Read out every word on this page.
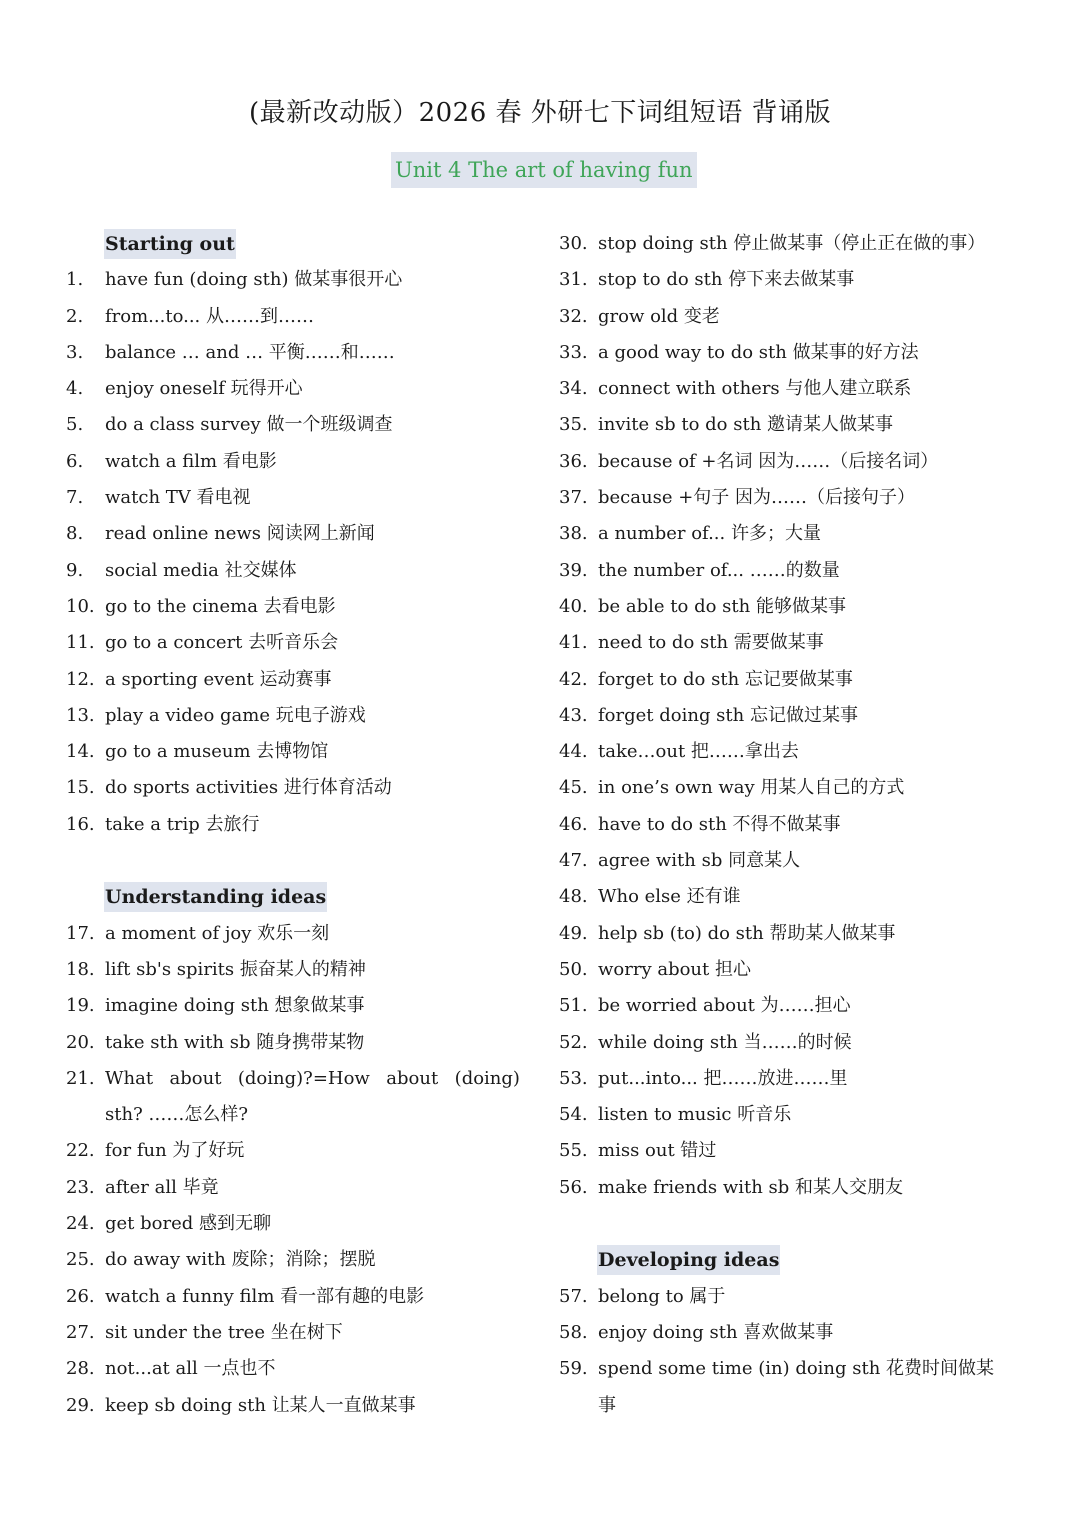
(最新改动版）2026 春 外研七下词组短语 背诵版
Unit 4 The art of having fun
Starting out
1. have fun (doing sth) 做某事很开心
2. from...to... 从……到……
3. balance … and … 平衡……和……
4. enjoy oneself 玩得开心
5. do a class survey 做一个班级调查
6. watch a film 看电影
7. watch TV 看电视
8. read online news 阅读网上新闻
9. social media 社交媒体
10. go to the cinema 去看电影
11. go to a concert 去听音乐会
12. a sporting event 运动赛事
13. play a video game 玩电子游戏
14. go to a museum 去博物馆
15. do sports activities 进行体育活动
16. take a trip 去旅行
Understanding ideas
17. a moment of joy 欢乐一刻
18. lift sb's spirits 振奋某人的精神
19. imagine doing sth 想象做某事
20. take sth with sb 随身携带某物
21. What about (doing)?=How about (doing)
sth? ……怎么样?
22. for fun 为了好玩
23. after all 毕竟
24. get bored 感到无聊
25. do away with 废除；消除；摆脱
26. watch a funny film 看一部有趣的电影
27. sit under the tree 坐在树下
28. not...at all 一点也不
29. keep sb doing sth 让某人一直做某事
30. stop doing sth 停止做某事（停止正在做的事）
31. stop to do sth 停下来去做某事
32. grow old 变老
33. a good way to do sth 做某事的好方法
34. connect with others 与他人建立联系
35. invite sb to do sth 邀请某人做某事
36. because of +名词 因为……（后接名词）
37. because +句子 因为……（后接句子）
38. a number of... 许多；大量
39. the number of... ……的数量
40. be able to do sth 能够做某事
41. need to do sth 需要做某事
42. forget to do sth 忘记要做某事
43. forget doing sth 忘记做过某事
44. take…out 把……拿出去
45. in one’s own way 用某人自己的方式
46. have to do sth 不得不做某事
47. agree with sb 同意某人
48. Who else 还有谁
49. help sb (to) do sth 帮助某人做某事
50. worry about 担心
51. be worried about 为……担心
52. while doing sth 当……的时候
53. put...into... 把……放进……里
54. listen to music 听音乐
55. miss out 错过
56. make friends with sb 和某人交朋友
Developing ideas
57. belong to 属于
58. enjoy doing sth 喜欢做某事
59. spend some time (in) doing sth 花费时间做某
事
